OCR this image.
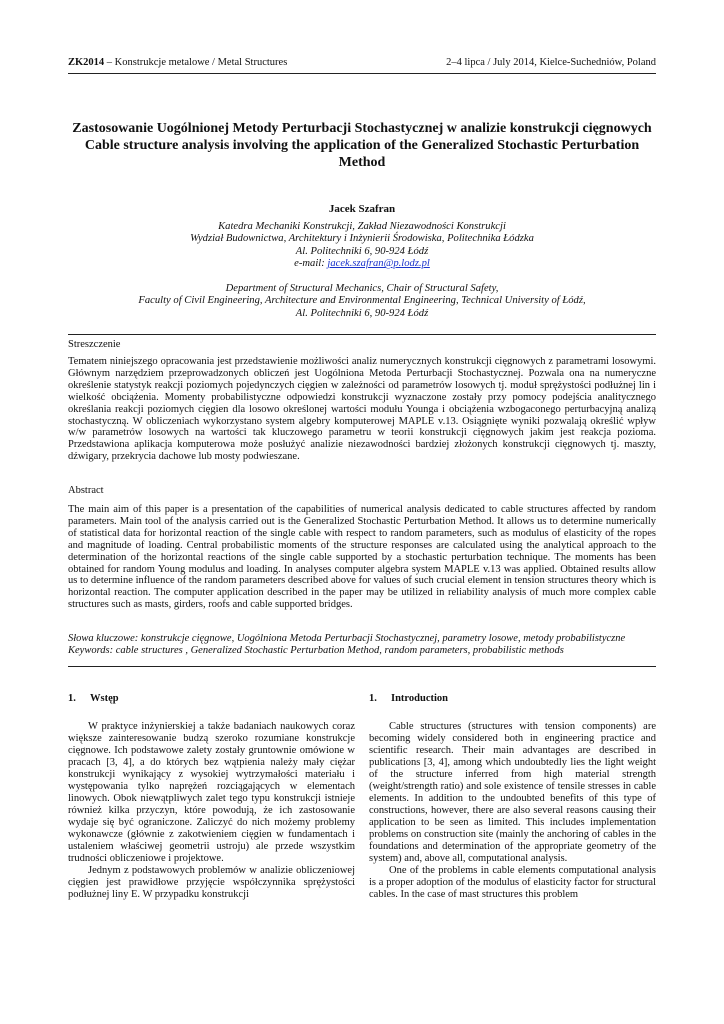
ZK2014 – Konstrukcje metalowe / Metal Structures	2–4 lipca / July 2014, Kielce-Suchedniów, Poland
Zastosowanie Uogólnionej Metody Perturbacji Stochastycznej w analizie konstrukcji cięgnowych
Cable structure analysis involving the application of the Generalized Stochastic Perturbation Method
Jacek Szafran
Katedra Mechaniki Konstrukcji, Zakład Niezawodności Konstrukcji
Wydział Budownictwa, Architektury i Inżynierii Środowiska, Politechnika Łódzka
Al. Politechniki 6, 90-924 Łódź
e-mail: jacek.szafran@p.lodz.pl
Department of Structural Mechanics, Chair of Structural Safety,
Faculty of Civil Engineering, Architecture and Environmental Engineering, Technical University of Łódź,
Al. Politechniki 6, 90-924 Łódź
Streszczenie
Tematem niniejszego opracowania jest przedstawienie możliwości analiz numerycznych konstrukcji cięgnowych z parametrami losowymi. Głównym narzędziem przeprowadzonych obliczeń jest Uogólniona Metoda Perturbacji Stochastycznej. Pozwala ona na numeryczne określenie statystyk reakcji poziomych pojedynczych cięgien w zależności od parametrów losowych tj. moduł sprężystości podłużnej lin i wielkość obciążenia. Momenty probabilistyczne odpowiedzi konstrukcji wyznaczone zostały przy pomocy podejścia analitycznego określania reakcji poziomych cięgien dla losowo określonej wartości modułu Younga i obciążenia wzbogaconego perturbacyjną analizą stochastyczną. W obliczeniach wykorzystano system algebry komputerowej MAPLE v.13. Osiągnięte wyniki pozwalają określić wpływ w/w parametrów losowych na wartości tak kluczowego parametru w teorii konstrukcji cięgnowych jakim jest reakcja pozioma. Przedstawiona aplikacja komputerowa może posłużyć analizie niezawodności bardziej złożonych konstrukcji cięgnowych tj. maszty, dźwigary, przekrycia dachowe lub mosty podwieszane.
Abstract
The main aim of this paper is a presentation of the capabilities of numerical analysis dedicated to cable structures affected by random parameters. Main tool of the analysis carried out is the Generalized Stochastic Perturbation Method. It allows us to determine numerically of statistical data for horizontal reaction of the single cable with respect to random parameters, such as modulus of elasticity of the ropes and magnitude of loading. Central probabilistic moments of the structure responses are calculated using the analytical approach to the determination of the horizontal reactions of the single cable supported by a stochastic perturbation technique. The moments has been obtained for random Young modulus and loading. In analyses computer algebra system MAPLE v.13 was applied. Obtained results allow us to determine influence of the random parameters described above for values of such crucial element in tension structures theory which is horizontal reaction. The computer application described in the paper may be utilized in reliability analysis of much more complex cable structures such as masts, girders, roofs and cable supported bridges.
Słowa kluczowe: konstrukcje cięgnowe, Uogólniona Metoda Perturbacji Stochastycznej, parametry losowe, metody probabilistyczne
Keywords: cable structures , Generalized Stochastic Perturbation Method, random parameters, probabilistic methods
1. Wstęp

W praktyce inżynierskiej a także badaniach naukowych coraz większe zainteresowanie budzą szeroko rozumiane konstrukcje cięgnowe. Ich podstawowe zalety zostały gruntownie omówione w pracach [3, 4], a do których bez wątpienia należy mały ciężar konstrukcji wynikający z wysokiej wytrzymałości materiału i występowania tylko naprężeń rozciągających w elementach linowych. Obok niewątpliwych zalet tego typu konstrukcji istnieje również kilka przyczyn, które powodują, że ich zastosowanie wydaje się być ograniczone. Zaliczyć do nich możemy problemy wykonawcze (głównie z zakotwieniem cięgien w fundamentach i ustaleniem właściwej geometrii ustroju) ale przede wszystkim trudności obliczeniowe i projektowe.

Jednym z podstawowych problemów w analizie obliczeniowej cięgien jest prawidłowe przyjęcie współczynnika sprężystości podłużnej liny E. W przypadku konstrukcji

1. Introduction

Cable structures (structures with tension components) are becoming widely considered both in engineering practice and scientific research. Their main advantages are described in publications [3, 4], among which undoubtedly lies the light weight of the structure inferred from high material strength (weight/strength ratio) and sole existence of tensile stresses in cable elements. In addition to the undoubted benefits of this type of constructions, however, there are also several reasons causing their application to be seen as limited. This includes implementation problems on construction site (mainly the anchoring of cables in the foundations and determination of the appropriate geometry of the system) and, above all, computational analysis.

One of the problems in cable elements computational analysis is a proper adoption of the modulus of elasticity factor for structural cables. In the case of mast structures this problem
